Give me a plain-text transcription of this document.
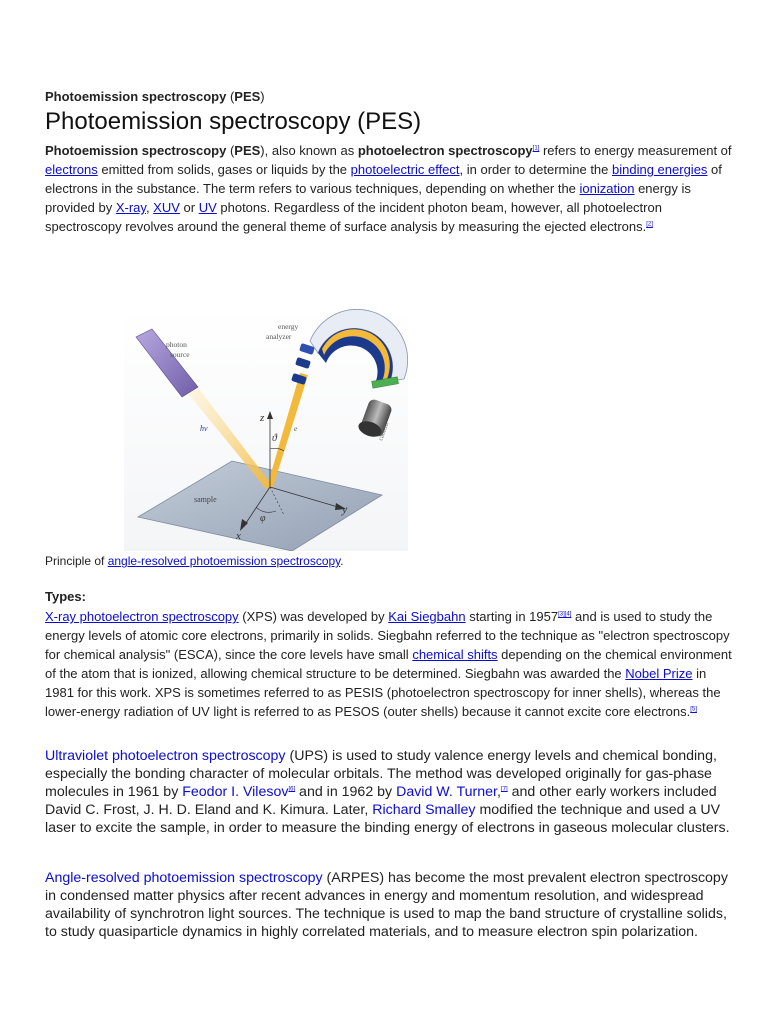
Photoemission spectroscopy (PES)
Photoemission spectroscopy (PES)
Photoemission spectroscopy (PES), also known as photoelectron spectroscopy[1] refers to energy measurement of electrons emitted from solids, gases or liquids by the photoelectric effect, in order to determine the binding energies of electrons in the substance. The term refers to various techniques, depending on whether the ionization energy is provided by X-ray, XUV or UV photons. Regardless of the incident photon beam, however, all photoelectron spectroscopy revolves around the general theme of surface analysis by measuring the ejected electrons.[2]
sample
hν
photon
source
e
z
y
x
φ
ϑ
energy
analyzer
camera
Principle of angle-resolved photoemission spectroscopy.
Types:
X-ray photoelectron spectroscopy (XPS) was developed by Kai Siegbahn starting in 1957[3][4] and is used to study the energy levels of atomic core electrons, primarily in solids. Siegbahn referred to the technique as "electron spectroscopy for chemical analysis" (ESCA), since the core levels have small chemical shifts depending on the chemical environment of the atom that is ionized, allowing chemical structure to be determined. Siegbahn was awarded the Nobel Prize in 1981 for this work. XPS is sometimes referred to as PESIS (photoelectron spectroscopy for inner shells), whereas the lower-energy radiation of UV light is referred to as PESOS (outer shells) because it cannot excite core electrons.[5]
Ultraviolet photoelectron spectroscopy (UPS) is used to study valence energy levels and chemical bonding, especially the bonding character of molecular orbitals. The method was developed originally for gas-phase molecules in 1961 by Feodor I. Vilesov[6] and in 1962 by David W. Turner,[7] and other early workers included David C. Frost, J. H. D. Eland and K. Kimura. Later, Richard Smalley modified the technique and used a UV laser to excite the sample, in order to measure the binding energy of electrons in gaseous molecular clusters.
Angle-resolved photoemission spectroscopy (ARPES) has become the most prevalent electron spectroscopy in condensed matter physics after recent advances in energy and momentum resolution, and widespread availability of synchrotron light sources. The technique is used to map the band structure of crystalline solids, to study quasiparticle dynamics in highly correlated materials, and to measure electron spin polarization.
